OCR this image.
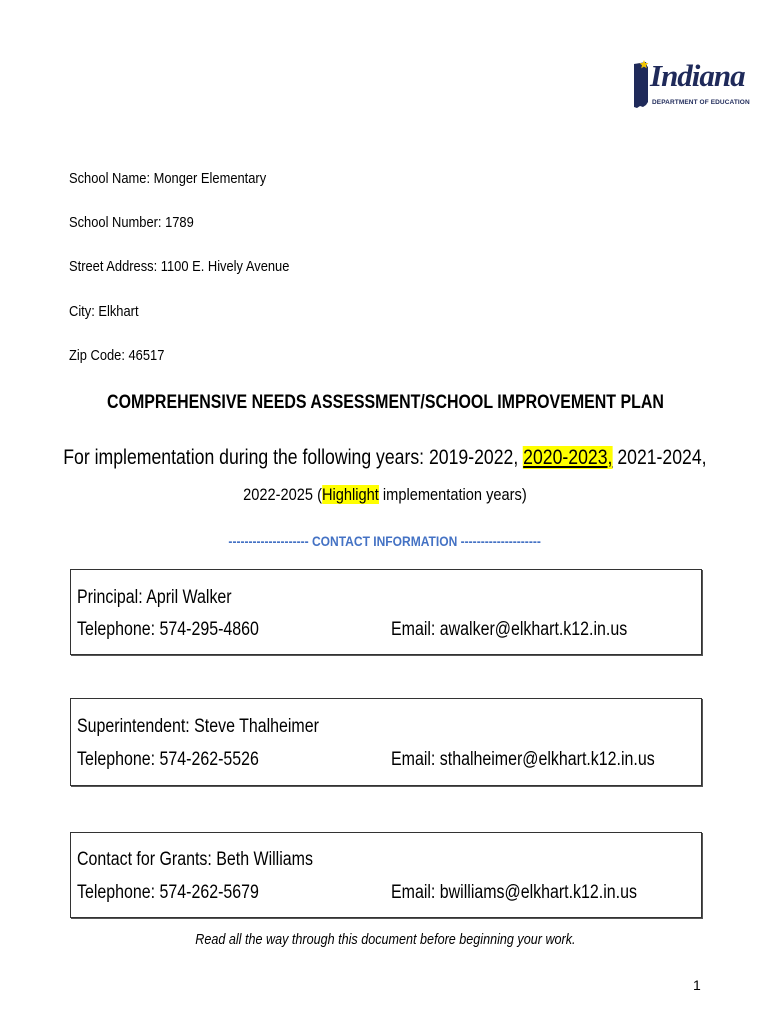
Indiana
DEPARTMENT OF EDUCATION
School Name: Monger Elementary
School Number: 1789
Street Address: 1100 E. Hively Avenue
City: Elkhart
Zip Code: 46517
COMPREHENSIVE NEEDS ASSESSMENT/SCHOOL IMPROVEMENT PLAN
For implementation during the following years: 2019-2022, 2020-2023, 2021-2024,
2022-2025 (Highlight implementation years)
-------------------- CONTACT INFORMATION --------------------
Principal: April Walker
Telephone: 574-295-4860	Email: awalker@elkhart.k12.in.us
Superintendent: Steve Thalheimer
Telephone: 574-262-5526	Email: sthalheimer@elkhart.k12.in.us
Contact for Grants: Beth Williams
Telephone: 574-262-5679	Email: bwilliams@elkhart.k12.in.us
Read all the way through this document before beginning your work.
1
